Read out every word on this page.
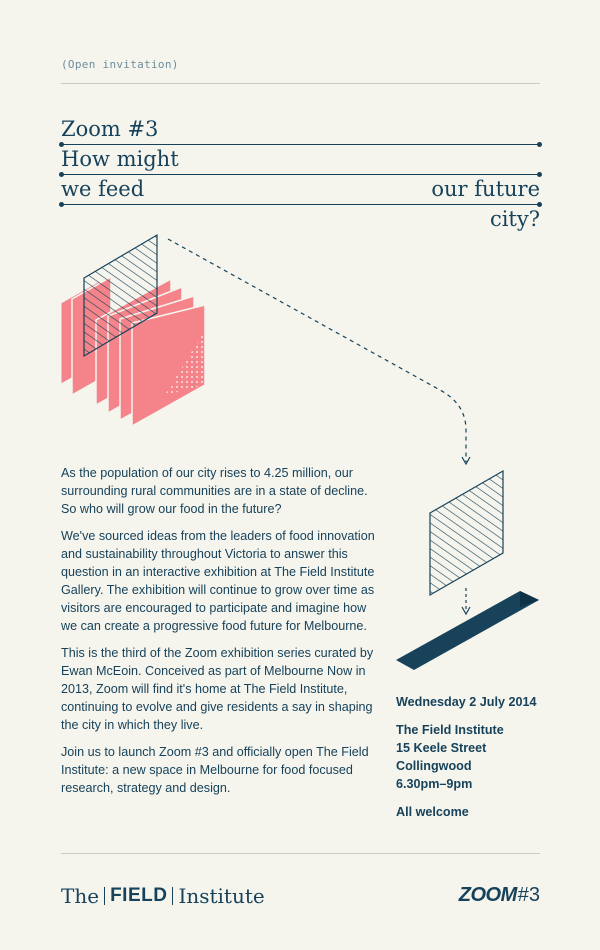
(Open invitation)
Zoom #3
How might
we feed	our future
city?

As the population of our city rises to 4.25 million, our surrounding rural communities are in a state of decline. So who will grow our food in the future?

We've sourced ideas from the leaders of food innovation and sustainability throughout Victoria to answer this question in an interactive exhibition at The Field Institute Gallery. The exhibition will continue to grow over time as visitors are encouraged to participate and imagine how we can create a progressive food future for Melbourne.

This is the third of the Zoom exhibition series curated by Ewan McEoin. Conceived as part of Melbourne Now in 2013, Zoom will find it's home at The Field Institute, continuing to evolve and give residents a say in shaping the city in which they live.

Join us to launch Zoom #3 and officially open The Field Institute: a new space in Melbourne for food focused research, strategy and design.

Wednesday 2 July 2014
The Field Institute
15 Keele Street
Collingwood
6.30pm–9pm
All welcome
The FIELD Institute	ZOOM #3
